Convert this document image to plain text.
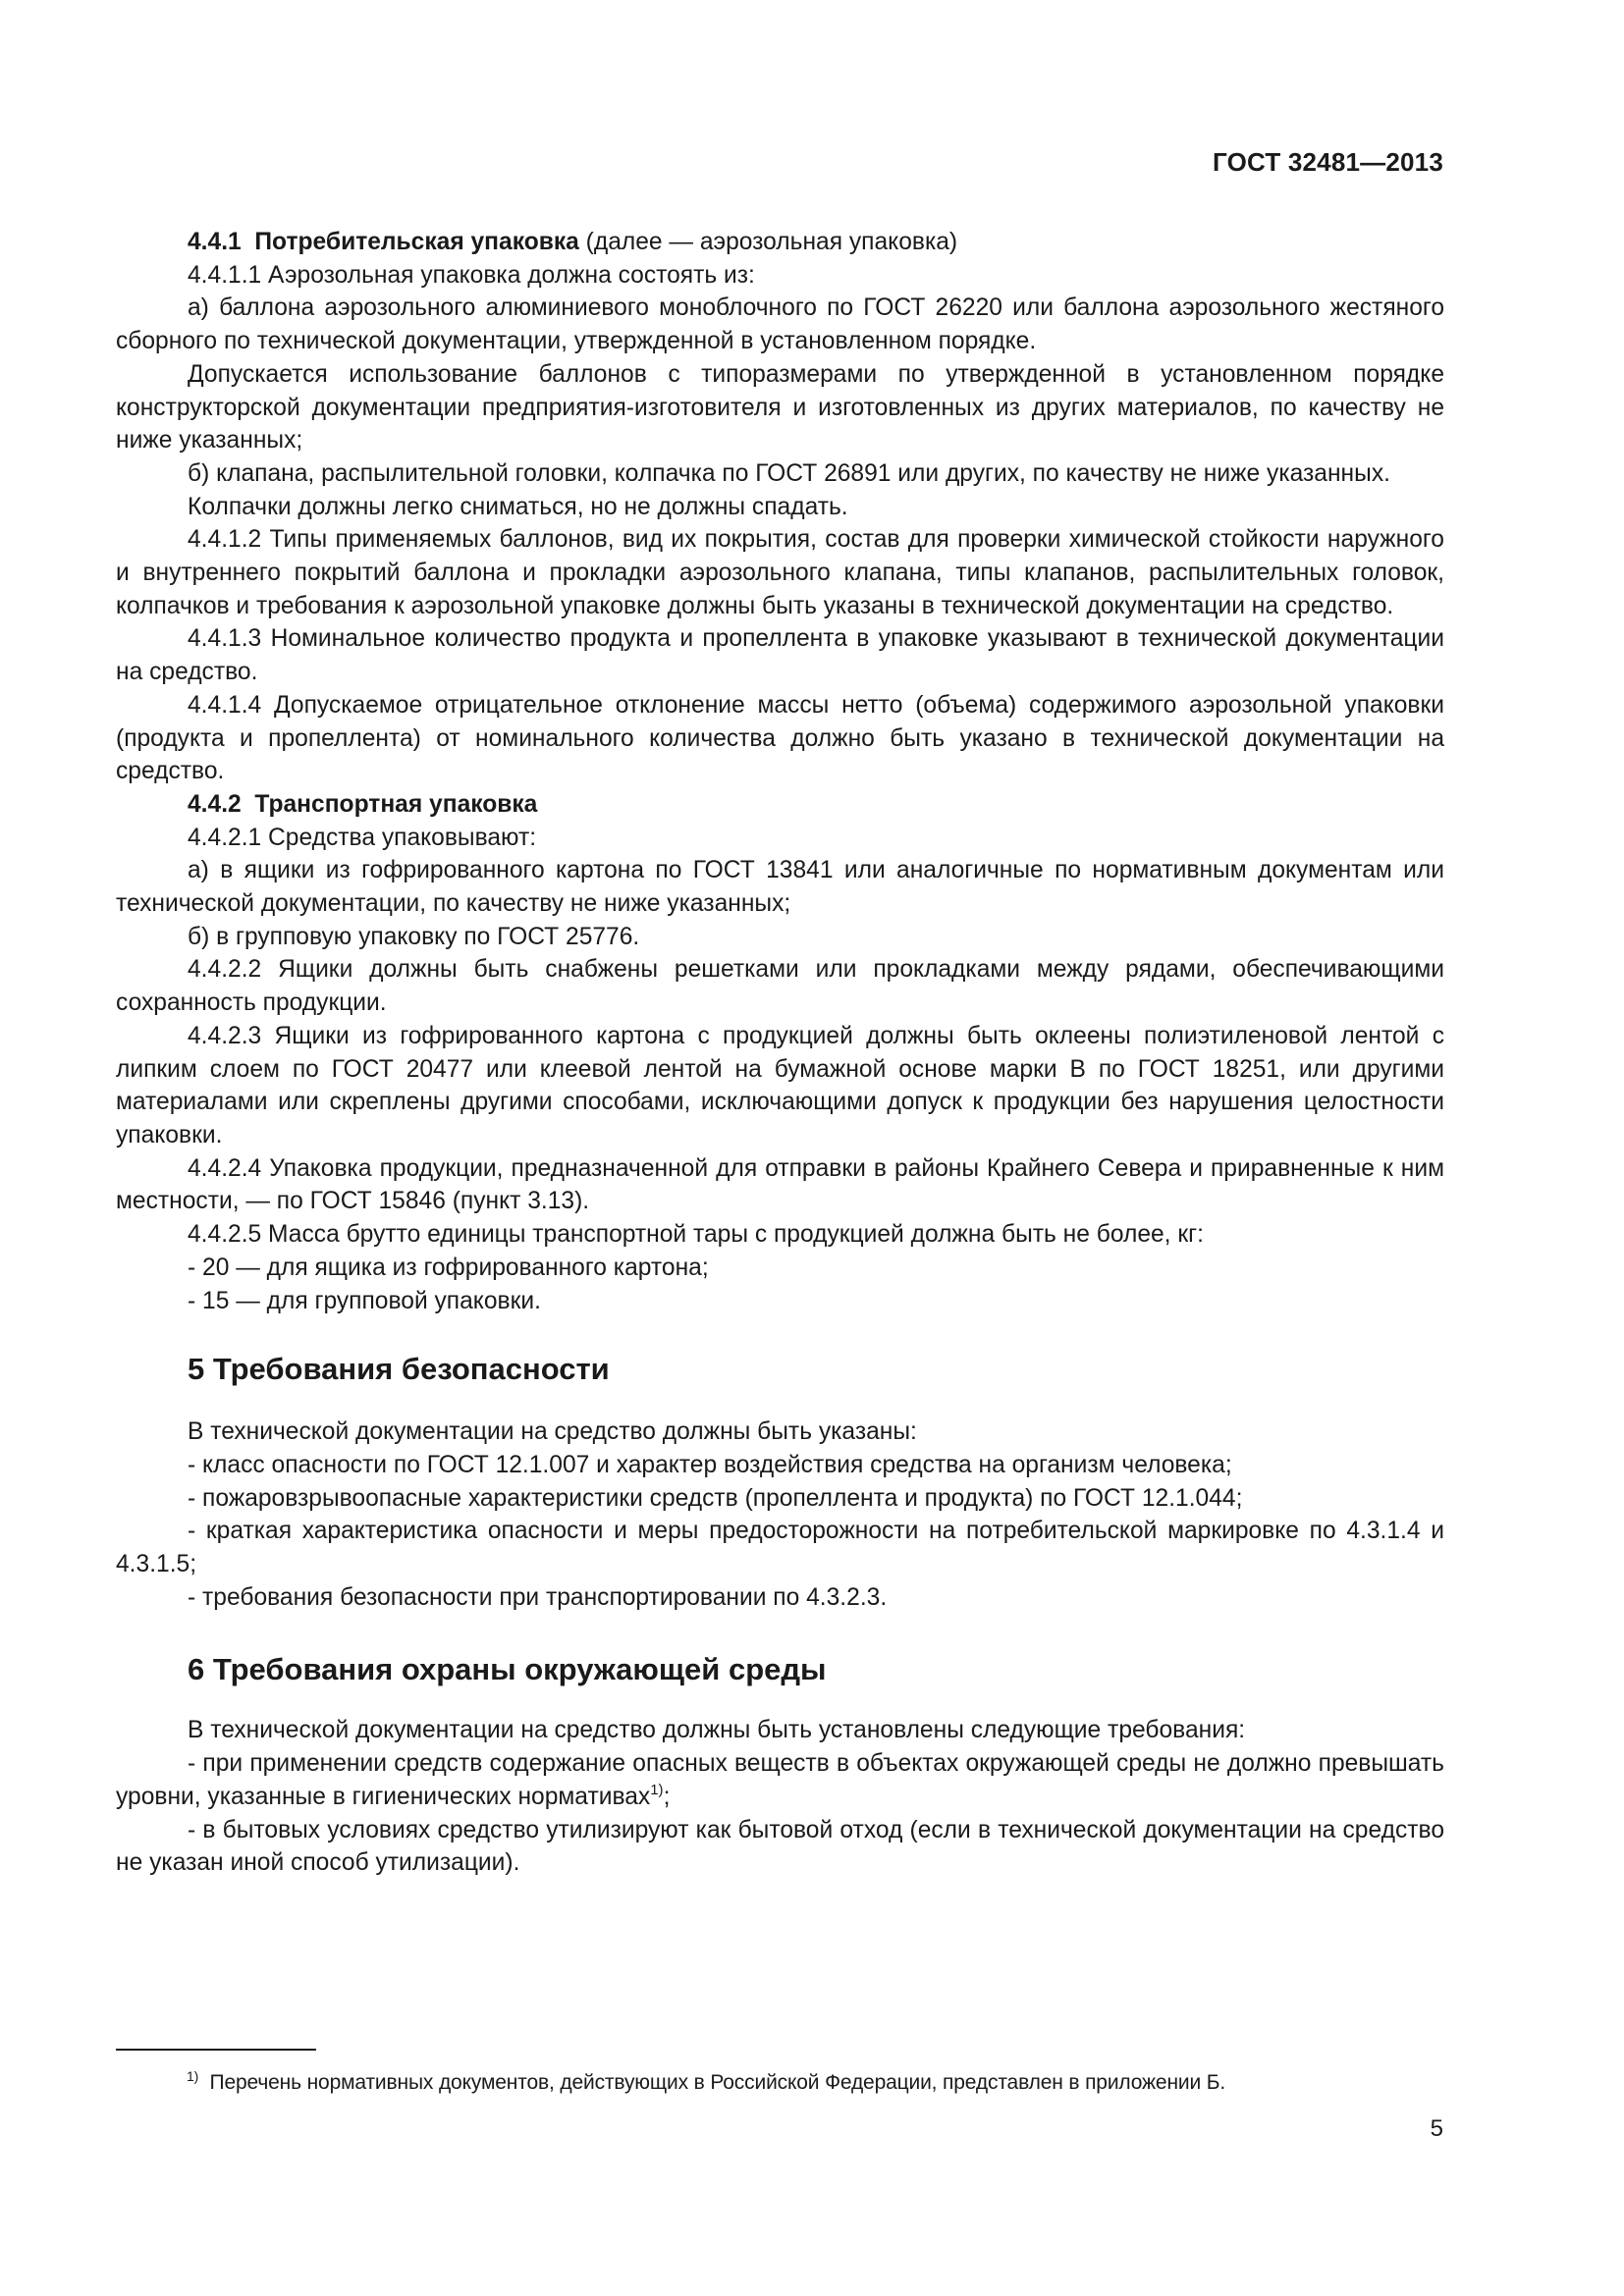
ГОСТ 32481—2013

4.4.1 Потребительская упаковка (далее — аэрозольная упаковка)

4.4.1.1 Аэрозольная упаковка должна состоять из:

а) баллона аэрозольного алюминиевого моноблочного по ГОСТ 26220 или баллона аэрозольного жестяного сборного по технической документации, утвержденной в установленном порядке.

Допускается использование баллонов с типоразмерами по утвержденной в установленном порядке конструкторской документации предприятия-изготовителя и изготовленных из других материалов, по качеству не ниже указанных;

б) клапана, распылительной головки, колпачка по ГОСТ 26891 или других, по качеству не ниже указанных.

Колпачки должны легко сниматься, но не должны спадать.

4.4.1.2 Типы применяемых баллонов, вид их покрытия, состав для проверки химической стойкости наружного и внутреннего покрытий баллона и прокладки аэрозольного клапана, типы клапанов, распылительных головок, колпачков и требования к аэрозольной упаковке должны быть указаны в технической документации на средство.

4.4.1.3 Номинальное количество продукта и пропеллента в упаковке указывают в технической документации на средство.

4.4.1.4 Допускаемое отрицательное отклонение массы нетто (объема) содержимого аэрозольной упаковки (продукта и пропеллента) от номинального количества должно быть указано в технической документации на средство.

4.4.2 Транспортная упаковка

4.4.2.1 Средства упаковывают:

а) в ящики из гофрированного картона по ГОСТ 13841 или аналогичные по нормативным документам или технической документации, по качеству не ниже указанных;

б) в групповую упаковку по ГОСТ 25776.

4.4.2.2 Ящики должны быть снабжены решетками или прокладками между рядами, обеспечивающими сохранность продукции.

4.4.2.3 Ящики из гофрированного картона с продукцией должны быть оклеены полиэтиленовой лентой с липким слоем по ГОСТ 20477 или клеевой лентой на бумажной основе марки В по ГОСТ 18251, или другими материалами или скреплены другими способами, исключающими допуск к продукции без нарушения целостности упаковки.

4.4.2.4 Упаковка продукции, предназначенной для отправки в районы Крайнего Севера и приравненные к ним местности, — по ГОСТ 15846 (пункт 3.13).

4.4.2.5 Масса брутто единицы транспортной тары с продукцией должна быть не более, кг:

- 20 — для ящика из гофрированного картона;

- 15 — для групповой упаковки.

5 Требования безопасности

В технической документации на средство должны быть указаны:

- класс опасности по ГОСТ 12.1.007 и характер воздействия средства на организм человека;

- пожаровзрывоопасные характеристики средств (пропеллента и продукта) по ГОСТ 12.1.044;

- краткая характеристика опасности и меры предосторожности на потребительской маркировке по 4.3.1.4 и 4.3.1.5;

- требования безопасности при транспортировании по 4.3.2.3.

6 Требования охраны окружающей среды

В технической документации на средство должны быть установлены следующие требования:

- при применении средств содержание опасных веществ в объектах окружающей среды не должно превышать уровни, указанные в гигиенических нормативах$^{1)}$;

- в бытовых условиях средство утилизируют как бытовой отход (если в технической документации на средство не указан иной способ утилизации).

$^{1)}$ Перечень нормативных документов, действующих в Российской Федерации, представлен в приложении Б.
5
